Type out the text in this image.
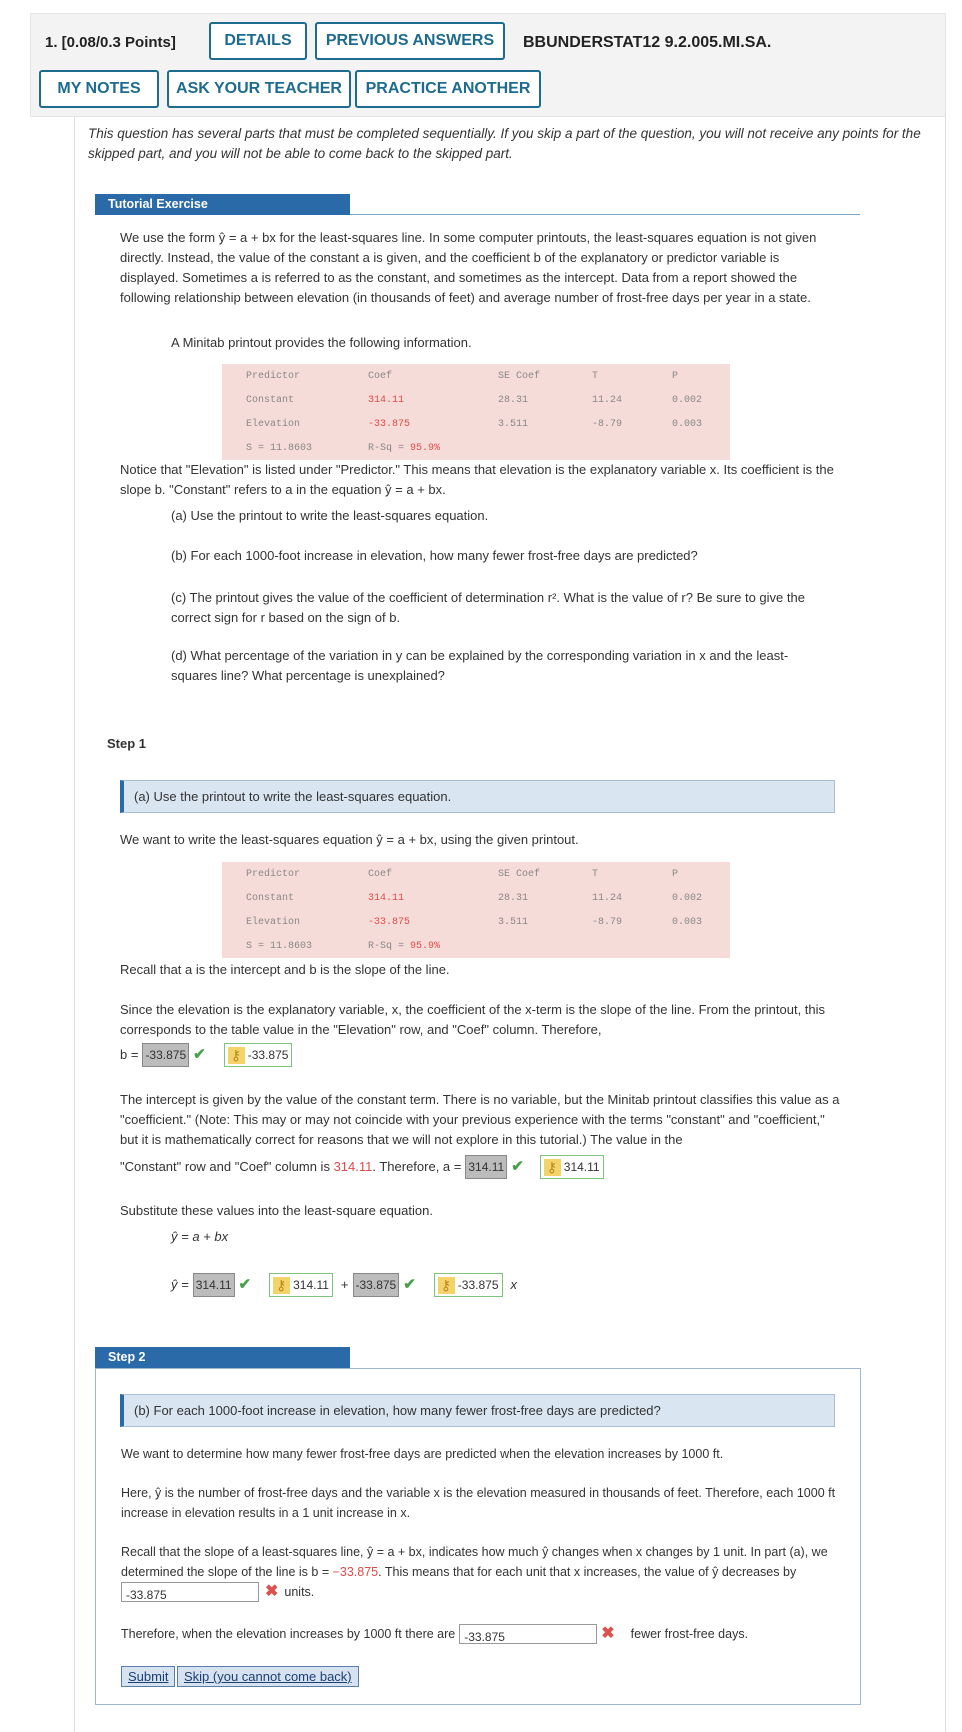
1. [0.08/0.3 Points]	DETAILS	PREVIOUS ANSWERS	BBUNDERSTAT12 9.2.005.MI.SA.
MY NOTES	ASK YOUR TEACHER	PRACTICE ANOTHER
This question has several parts that must be completed sequentially. If you skip a part of the question, you will not receive any points for the skipped part, and you will not be able to come back to the skipped part.
Tutorial Exercise
We use the form ŷ = a + bx for the least-squares line. In some computer printouts, the least-squares equation is not given directly. Instead, the value of the constant a is given, and the coefficient b of the explanatory or predictor variable is displayed. Sometimes a is referred to as the constant, and sometimes as the intercept. Data from a report showed the following relationship between elevation (in thousands of feet) and average number of frost-free days per year in a state.
A Minitab printout provides the following information.
Predictor	Coef	SE Coef	T	P
Constant	314.11	28.31	11.24	0.002
Elevation	-33.875	3.511	-8.79	0.003
S = 11.8603	R-Sq = 95.9%
Notice that "Elevation" is listed under "Predictor." This means that elevation is the explanatory variable x. Its coefficient is the slope b. "Constant" refers to a in the equation ŷ = a + bx.
(a) Use the printout to write the least-squares equation.
(b) For each 1000-foot increase in elevation, how many fewer frost-free days are predicted?
(c) The printout gives the value of the coefficient of determination r². What is the value of r? Be sure to give the correct sign for r based on the sign of b.
(d) What percentage of the variation in y can be explained by the corresponding variation in x and the least-squares line? What percentage is unexplained?
Step 1
(a) Use the printout to write the least-squares equation.
We want to write the least-squares equation ŷ = a + bx, using the given printout.
Predictor	Coef	SE Coef	T	P
Constant	314.11	28.31	11.24	0.002
Elevation	-33.875	3.511	-8.79	0.003
S = 11.8603	R-Sq = 95.9%
Recall that a is the intercept and b is the slope of the line.
Since the elevation is the explanatory variable, x, the coefficient of the x-term is the slope of the line. From the printout, this corresponds to the table value in the "Elevation" row, and "Coef" column. Therefore,
b = -33.875 ✔ ⚷	-33.875
The intercept is given by the value of the constant term. There is no variable, but the Minitab printout classifies this value as a "coefficient." (Note: This may or may not coincide with your previous experience with the terms "constant" and "coefficient," but it is mathematically correct for reasons that we will not explore in this tutorial.) The value in the
"Constant" row and "Coef" column is 314.11 . Therefore, a = 314.11 ✔ ⚷	314.11
Substitute these values into the least-square equation.
ŷ = a + bx
ŷ = 314.11 ✔ ⚷	314.11 + -33.875 ✔ ⚷	-33.875 x
Step 2
(b) For each 1000-foot increase in elevation, how many fewer frost-free days are predicted?
We want to determine how many fewer frost-free days are predicted when the elevation increases by 1000 ft.
Here, ŷ is the number of frost-free days and the variable x is the elevation measured in thousands of feet. Therefore, each 1000 ft increase in elevation results in a 1 unit increase in x.
Recall that the slope of a least-squares line, ŷ = a + bx, indicates how much ŷ changes when x changes by 1 unit. In part (a), we determined the slope of the line is b = −33.875. This means that for each unit that x increases, the value of ŷ decreases by
-33.875	✖ units.
Therefore, when the elevation increases by 1000 ft there are -33.875	✖ fewer frost-free days.
Submit	Skip (you cannot come back)
